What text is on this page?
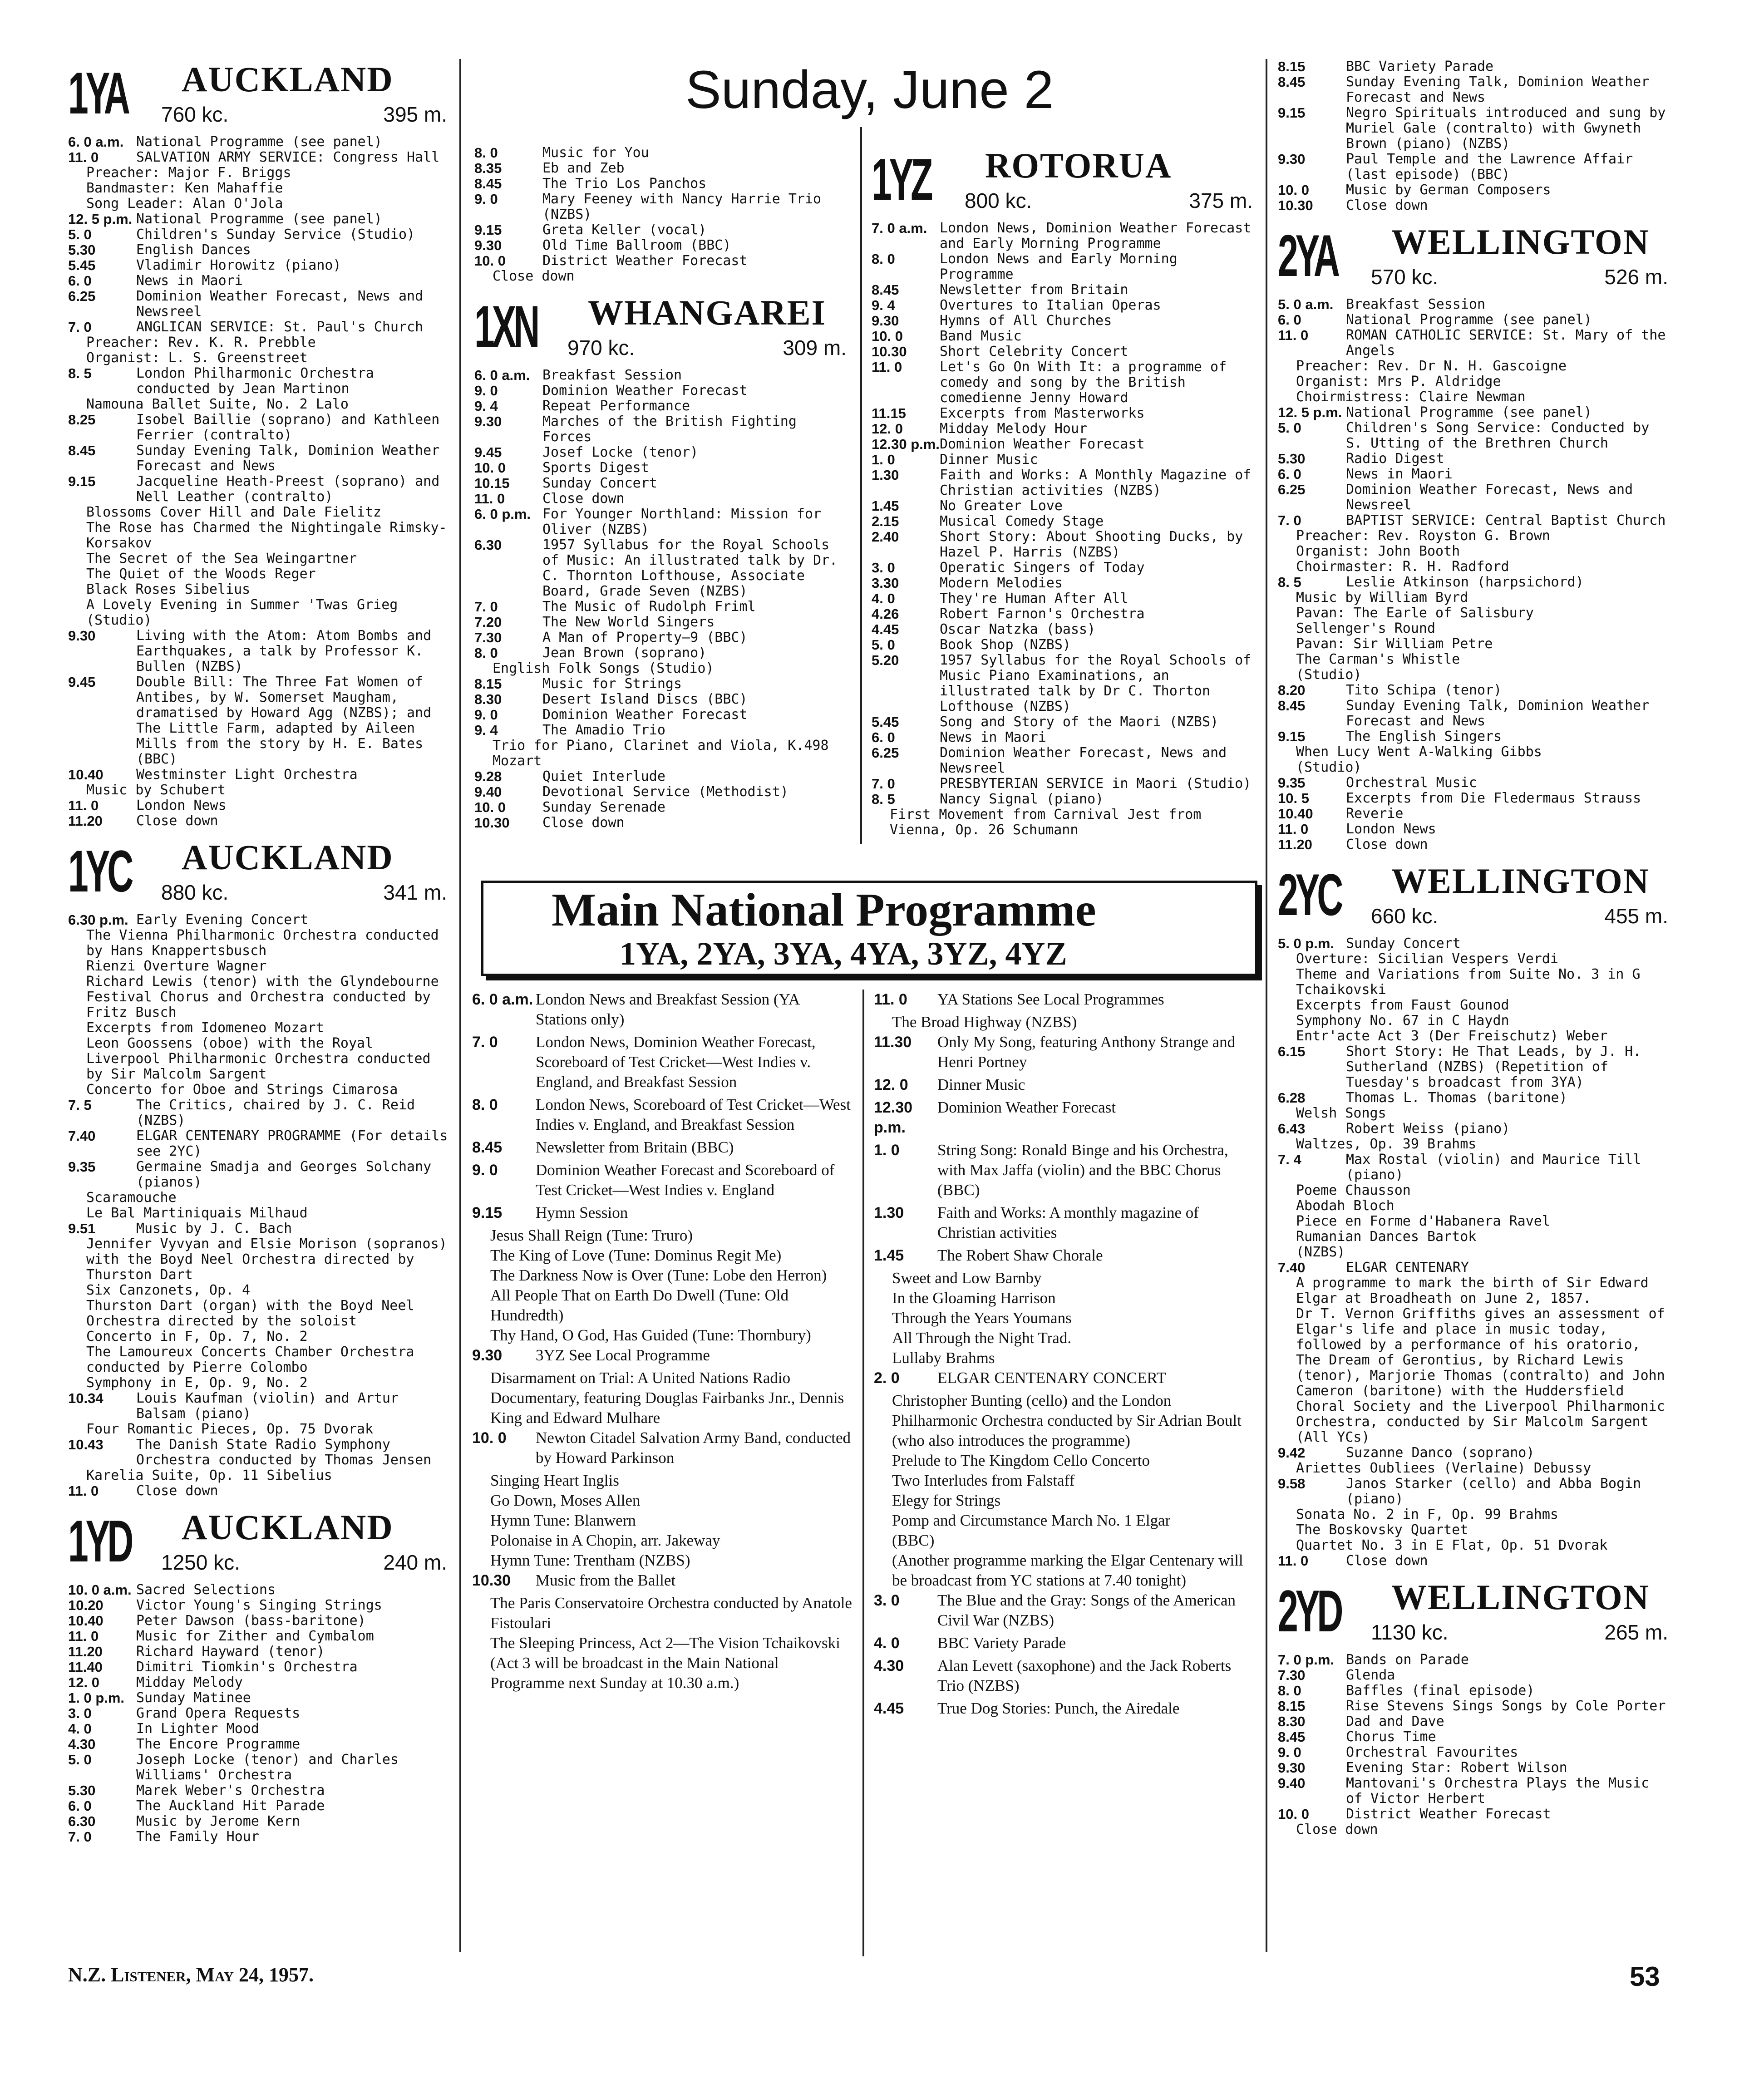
Sunday, June 2
1YA AUCKLAND
760 kc.	395 m.
6. 0 a.m. National Programme (see panel)
11. 0	SALVATION ARMY SERVICE: Congress Hall
Preacher: Major F. Briggs
Bandmaster: Ken Mahaffie
Song Leader: Alan O'Jola
12. 5 p.m. National Programme (see panel)
5. 0	Children's Sunday Service (Studio)
5.30	English Dances
5.45	Vladimir Horowitz (piano)
6. 0	News in Maori
6.25	Dominion Weather Forecast, News and Newsreel
7. 0	ANGLICAN SERVICE: St. Paul's Church
Preacher: Rev. K. R. Prebble
Organist: L. S. Greenstreet
8. 5	London Philharmonic Orchestra conducted by Jean Martinon
Namouna Ballet Suite, No. 2 Lalo
8.25	Isobel Baillie (soprano) and Kathleen Ferrier (contralto)
8.45	Sunday Evening Talk, Dominion Weather Forecast and News
9.15	Jacqueline Heath-Preest (soprano) and Nell Leather (contralto)
Blossoms Cover Hill and Dale Fielitz
The Rose has Charmed the Nightingale Rimsky-Korsakov
The Secret of the Sea Weingartner
The Quiet of the Woods Reger
Black Roses Sibelius
A Lovely Evening in Summer 'Twas Grieg
(Studio)
9.30	Living with the Atom: Atom Bombs and Earthquakes, a talk by Professor K. Bullen (NZBS)
9.45	Double Bill: The Three Fat Women of Antibes, by W. Somerset Maugham, dramatised by Howard Agg (NZBS); and The Little Farm, adapted by Aileen Mills from the story by H. E. Bates (BBC)
10.40	Westminster Light Orchestra
Music by Schubert
11. 0	London News
11.20	Close down
1YC AUCKLAND
880 kc.	341 m.
6.30 p.m. Early Evening Concert
The Vienna Philharmonic Orchestra conducted by Hans Knappertsbusch
Rienzi Overture Wagner
Richard Lewis (tenor) with the Glyndebourne Festival Chorus and Orchestra conducted by Fritz Busch
Excerpts from Idomeneo Mozart
Leon Goossens (oboe) with the Royal Liverpool Philharmonic Orchestra conducted by Sir Malcolm Sargent
Concerto for Oboe and Strings Cimarosa
7. 5	The Critics, chaired by J. C. Reid (NZBS)
7.40	ELGAR CENTENARY PROGRAMME (For details see 2YC)
9.35	Germaine Smadja and Georges Solchany (pianos)
Scaramouche
Le Bal Martiniquais Milhaud
9.51	Music by J. C. Bach
Jennifer Vyvyan and Elsie Morison (sopranos) with the Boyd Neel Orchestra directed by Thurston Dart
Six Canzonets, Op. 4
Thurston Dart (organ) with the Boyd Neel Orchestra directed by the soloist
Concerto in F, Op. 7, No. 2
The Lamoureux Concerts Chamber Orchestra conducted by Pierre Colombo
Symphony in E, Op. 9, No. 2
10.34	Louis Kaufman (violin) and Artur Balsam (piano)
Four Romantic Pieces, Op. 75 Dvorak
10.43	The Danish State Radio Symphony Orchestra conducted by Thomas Jensen
Karelia Suite, Op. 11 Sibelius
11. 0	Close down
1YD AUCKLAND
1250 kc.	240 m.
10. 0 a.m. Sacred Selections
10.20	Victor Young's Singing Strings
10.40	Peter Dawson (bass-baritone)
11. 0	Music for Zither and Cymbalom
11.20	Richard Hayward (tenor)
11.40	Dimitri Tiomkin's Orchestra
12. 0	Midday Melody
1. 0 p.m. Sunday Matinee
3. 0	Grand Opera Requests
4. 0	In Lighter Mood
4.30	The Encore Programme
5. 0	Joseph Locke (tenor) and Charles Williams' Orchestra
5.30	Marek Weber's Orchestra
6. 0	The Auckland Hit Parade
6.30	Music by Jerome Kern
7. 0	The Family Hour
8. 0	Music for You
8.35	Eb and Zeb
8.45	The Trio Los Panchos
9. 0	Mary Feeney with Nancy Harrie Trio (NZBS)
9.15	Greta Keller (vocal)
9.30	Old Time Ballroom (BBC)
10. 0	District Weather Forecast
Close down
1XN WHANGAREI
970 kc.	309 m.
6. 0 a.m. Breakfast Session
9. 0	Dominion Weather Forecast
9. 4	Repeat Performance
9.30	Marches of the British Fighting Forces
9.45	Josef Locke (tenor)
10. 0	Sports Digest
10.15	Sunday Concert
11. 0	Close down
6. 0 p.m. For Younger Northland: Mission for Oliver (NZBS)
6.30	1957 Syllabus for the Royal Schools of Music: An illustrated talk by Dr. C. Thornton Lofthouse, Associate Board, Grade Seven (NZBS)
7. 0	The Music of Rudolph Friml
7.20	The New World Singers
7.30	A Man of Property—9 (BBC)
8. 0	Jean Brown (soprano)
English Folk Songs (Studio)
8.15	Music for Strings
8.30	Desert Island Discs (BBC)
9. 0	Dominion Weather Forecast
9. 4	The Amadio Trio
Trio for Piano, Clarinet and Viola, K.498 Mozart
9.28	Quiet Interlude
9.40	Devotional Service (Methodist)
10. 0	Sunday Serenade
10.30	Close down
1YZ ROTORUA
800 kc.	375 m.
7. 0 a.m. London News, Dominion Weather Forecast and Early Morning Programme
8. 0	London News and Early Morning Programme
8.45	Newsletter from Britain
9. 4	Overtures to Italian Operas
9.30	Hymns of All Churches
10. 0	Band Music
10.30	Short Celebrity Concert
11. 0	Let's Go On With It: a programme of comedy and song by the British comedienne Jenny Howard
11.15	Excerpts from Masterworks
12. 0	Midday Melody Hour
12.30 p.m. Dominion Weather Forecast
1. 0	Dinner Music
1.30	Faith and Works: A Monthly Magazine of Christian activities (NZBS)
1.45	No Greater Love
2.15	Musical Comedy Stage
2.40	Short Story: About Shooting Ducks, by Hazel P. Harris (NZBS)
3. 0	Operatic Singers of Today
3.30	Modern Melodies
4. 0	They're Human After All
4.26	Robert Farnon's Orchestra
4.45	Oscar Natzka (bass)
5. 0	Book Shop (NZBS)
5.20	1957 Syllabus for the Royal Schools of Music Piano Examinations, an illustrated talk by Dr C. Thorton Lofthouse (NZBS)
5.45	Song and Story of the Maori (NZBS)
6. 0	News in Maori
6.25	Dominion Weather Forecast, News and Newsreel
7. 0	PRESBYTERIAN SERVICE in Maori (Studio)
8. 5	Nancy Signal (piano)
First Movement from Carnival Jest from Vienna, Op. 26 Schumann
8.15	BBC Variety Parade
8.45	Sunday Evening Talk, Dominion Weather Forecast and News
9.15	Negro Spirituals introduced and sung by Muriel Gale (contralto) with Gwyneth Brown (piano) (NZBS)
9.30	Paul Temple and the Lawrence Affair (last episode) (BBC)
10. 0	Music by German Composers
10.30	Close down
2YA WELLINGTON
570 kc.	526 m.
5. 0 a.m. Breakfast Session
6. 0	National Programme (see panel)
11. 0	ROMAN CATHOLIC SERVICE: St. Mary of the Angels
Preacher: Rev. Dr N. H. Gascoigne
Organist: Mrs P. Aldridge
Choirmistress: Claire Newman
12. 5 p.m. National Programme (see panel)
5. 0	Children's Song Service: Conducted by S. Utting of the Brethren Church
5.30	Radio Digest
6. 0	News in Maori
6.25	Dominion Weather Forecast, News and Newsreel
7. 0	BAPTIST SERVICE: Central Baptist Church
Preacher: Rev. Royston G. Brown
Organist: John Booth
Choirmaster: R. H. Radford
8. 5	Leslie Atkinson (harpsichord)
Music by William Byrd
Pavan: The Earle of Salisbury
Sellenger's Round
Pavan: Sir William Petre
The Carman's Whistle
(Studio)
8.20	Tito Schipa (tenor)
8.45	Sunday Evening Talk, Dominion Weather Forecast and News
9.15	The English Singers
When Lucy Went A-Walking Gibbs
(Studio)
9.35	Orchestral Music
10. 5	Excerpts from Die Fledermaus Strauss
10.40	Reverie
11. 0	London News
11.20	Close down
2YC WELLINGTON
660 kc.	455 m.
5. 0 p.m. Sunday Concert
Overture: Sicilian Vespers Verdi
Theme and Variations from Suite No. 3 in G Tchaikovski
Excerpts from Faust Gounod
Symphony No. 67 in C Haydn
Entr'acte Act 3 (Der Freischutz) Weber
6.15	Short Story: He That Leads, by J. H. Sutherland (NZBS) (Repetition of Tuesday's broadcast from 3YA)
6.28	Thomas L. Thomas (baritone)
Welsh Songs
6.43	Robert Weiss (piano)
Waltzes, Op. 39 Brahms
7. 4	Max Rostal (violin) and Maurice Till (piano)
Poeme Chausson
Abodah Bloch
Piece en Forme d'Habanera Ravel
Rumanian Dances Bartok
(NZBS)
7.40	ELGAR CENTENARY
A programme to mark the birth of Sir Edward Elgar at Broadheath on June 2, 1857.
Dr T. Vernon Griffiths gives an assessment of Elgar's life and place in music today, followed by a performance of his oratorio, The Dream of Gerontius, by Richard Lewis (tenor), Marjorie Thomas (contralto) and John Cameron (baritone) with the Huddersfield Choral Society and the Liverpool Philharmonic Orchestra, conducted by Sir Malcolm Sargent (All YCs)
9.42	Suzanne Danco (soprano)
Ariettes Oubliees (Verlaine) Debussy
9.58	Janos Starker (cello) and Abba Bogin (piano)
Sonata No. 2 in F, Op. 99 Brahms
The Boskovsky Quartet
Quartet No. 3 in E Flat, Op. 51 Dvorak
11. 0	Close down
2YD WELLINGTON
1130 kc.	265 m.
7. 0 p.m. Bands on Parade
7.30	Glenda
8. 0	Baffles (final episode)
8.15	Rise Stevens Sings Songs by Cole Porter
8.30	Dad and Dave
8.45	Chorus Time
9. 0	Orchestral Favourites
9.30	Evening Star: Robert Wilson
9.40	Mantovani's Orchestra Plays the Music of Victor Herbert
10. 0	District Weather Forecast
Close down
Main National Programme
1YA, 2YA, 3YA, 4YA, 3YZ, 4YZ
6. 0 a.m. London News and Breakfast Session (YA Stations only)
7. 0	London News, Dominion Weather Forecast, Scoreboard of Test Cricket—West Indies v. England, and Breakfast Session
8. 0	London News, Scoreboard of Test Cricket—West Indies v. England, and Breakfast Session
8.45	Newsletter from Britain (BBC)
9. 0	Dominion Weather Forecast and Scoreboard of Test Cricket—West Indies v. England
9.15	Hymn Session
Jesus Shall Reign (Tune: Truro)
The King of Love (Tune: Dominus Regit Me)
The Darkness Now is Over (Tune: Lobe den Herron)
All People That on Earth Do Dwell (Tune: Old Hundredth)
Thy Hand, O God, Has Guided (Tune: Thornbury)
9.30	3YZ See Local Programme
Disarmament on Trial: A United Nations Radio Documentary, featuring Douglas Fairbanks Jnr., Dennis King and Edward Mulhare
10. 0	Newton Citadel Salvation Army Band, conducted by Howard Parkinson
Singing Heart Inglis
Go Down, Moses Allen
Hymn Tune: Blanwern
Polonaise in A Chopin, arr. Jakeway
Hymn Tune: Trentham (NZBS)
10.30	Music from the Ballet
The Paris Conservatoire Orchestra conducted by Anatole Fistoulari
The Sleeping Princess, Act 2—The Vision Tchaikovski
(Act 3 will be broadcast in the Main National Programme next Sunday at 10.30 a.m.)
11. 0	YA Stations See Local Programmes
The Broad Highway (NZBS)
11.30	Only My Song, featuring Anthony Strange and Henri Portney
12. 0	Dinner Music
12.30 p.m.
Dominion Weather Forecast
1. 0	String Song: Ronald Binge and his Orchestra, with Max Jaffa (violin) and the BBC Chorus (BBC)
1.30	Faith and Works: A monthly magazine of Christian activities
1.45	The Robert Shaw Chorale
Sweet and Low Barnby
In the Gloaming Harrison
Through the Years Youmans
All Through the Night Trad.
Lullaby Brahms
2. 0	ELGAR CENTENARY CONCERT
Christopher Bunting (cello) and the London Philharmonic Orchestra conducted by Sir Adrian Boult (who also introduces the programme)
Prelude to The Kingdom Cello Concerto
Two Interludes from Falstaff
Elegy for Strings
Pomp and Circumstance March No. 1 Elgar
(BBC)
(Another programme marking the Elgar Centenary will be broadcast from YC stations at 7.40 tonight)
3. 0	The Blue and the Gray: Songs of the American Civil War (NZBS)
4. 0	BBC Variety Parade
4.30	Alan Levett (saxophone) and the Jack Roberts Trio (NZBS)
4.45	True Dog Stories: Punch, the Airedale
N.Z. Listener, May 24, 1957.	53
